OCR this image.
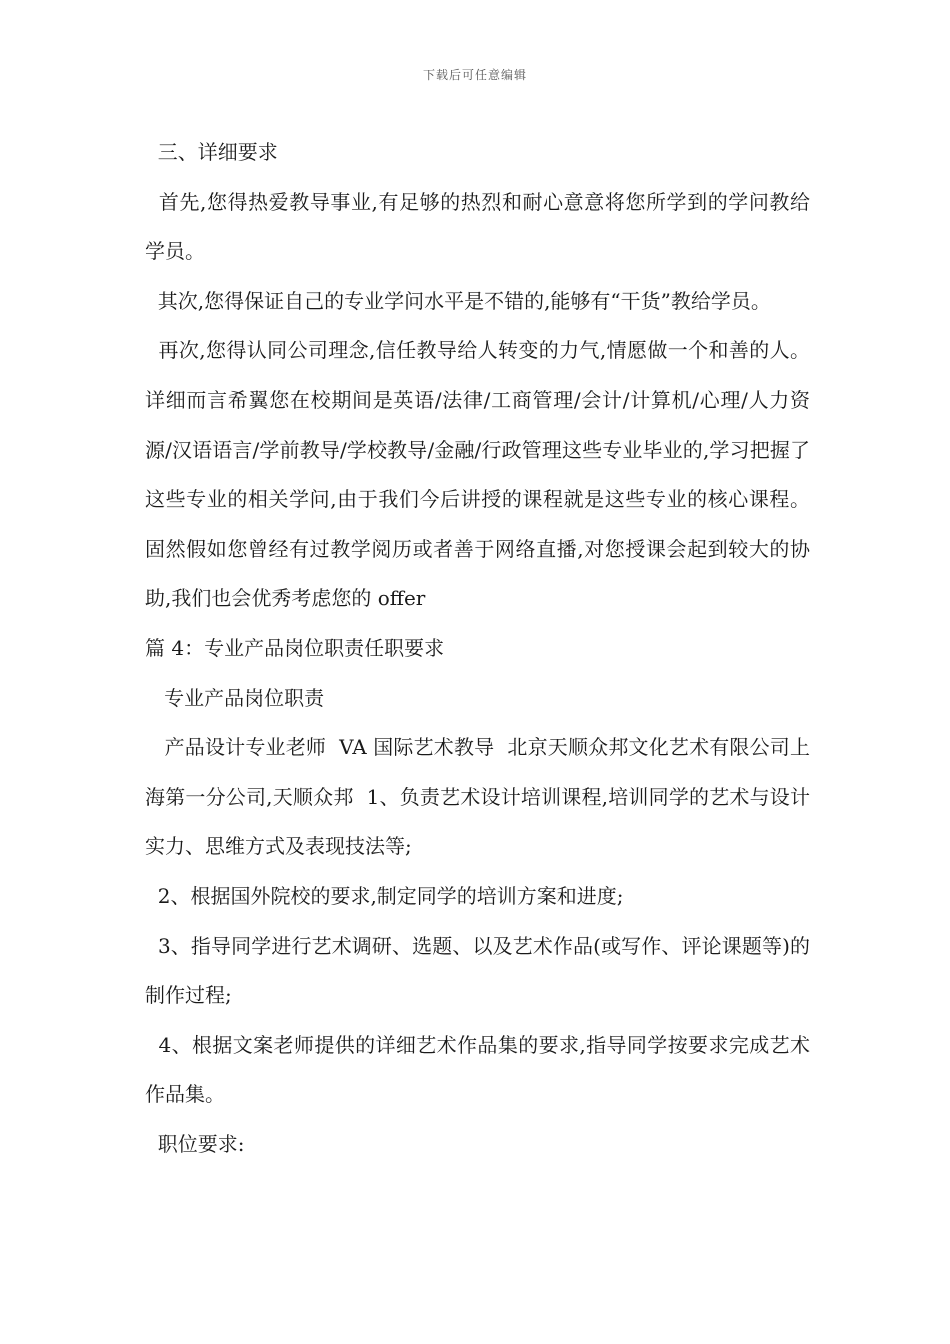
下载后可任意编辑

三、详细要求

首先,您得热爱教导事业,有足够的热烈和耐心意意将您所学到的学问教给学员。

其次,您得保证自己的专业学问水平是不错的,能够有“干货”教给学员。

再次,您得认同公司理念,信任教导给人转变的力气,情愿做一个和善的人。详细而言希翼您在校期间是英语/法律/工商管理/会计/计算机/心理/人力资源/汉语语言/学前教导/学校教导/金融/行政管理这些专业毕业的,学习把握了这些专业的相关学问,由于我们今后讲授的课程就是这些专业的核心课程。固然假如您曾经有过教学阅历或者善于网络直播,对您授课会起到较大的协助,我们也会优秀考虑您的 offer

篇 4：专业产品岗位职责任职要求

专业产品岗位职责

产品设计专业老师  VA 国际艺术教导  北京天顺众邦文化艺术有限公司上海第一分公司,天顺众邦  1、负责艺术设计培训课程,培训同学的艺术与设计实力、思维方式及表现技法等;

2、根据国外院校的要求,制定同学的培训方案和进度;

3、指导同学进行艺术调研、选题、以及艺术作品(或写作、评论课题等)的制作过程;

4、根据文案老师提供的详细艺术作品集的要求,指导同学按要求完成艺术作品集。

职位要求:
